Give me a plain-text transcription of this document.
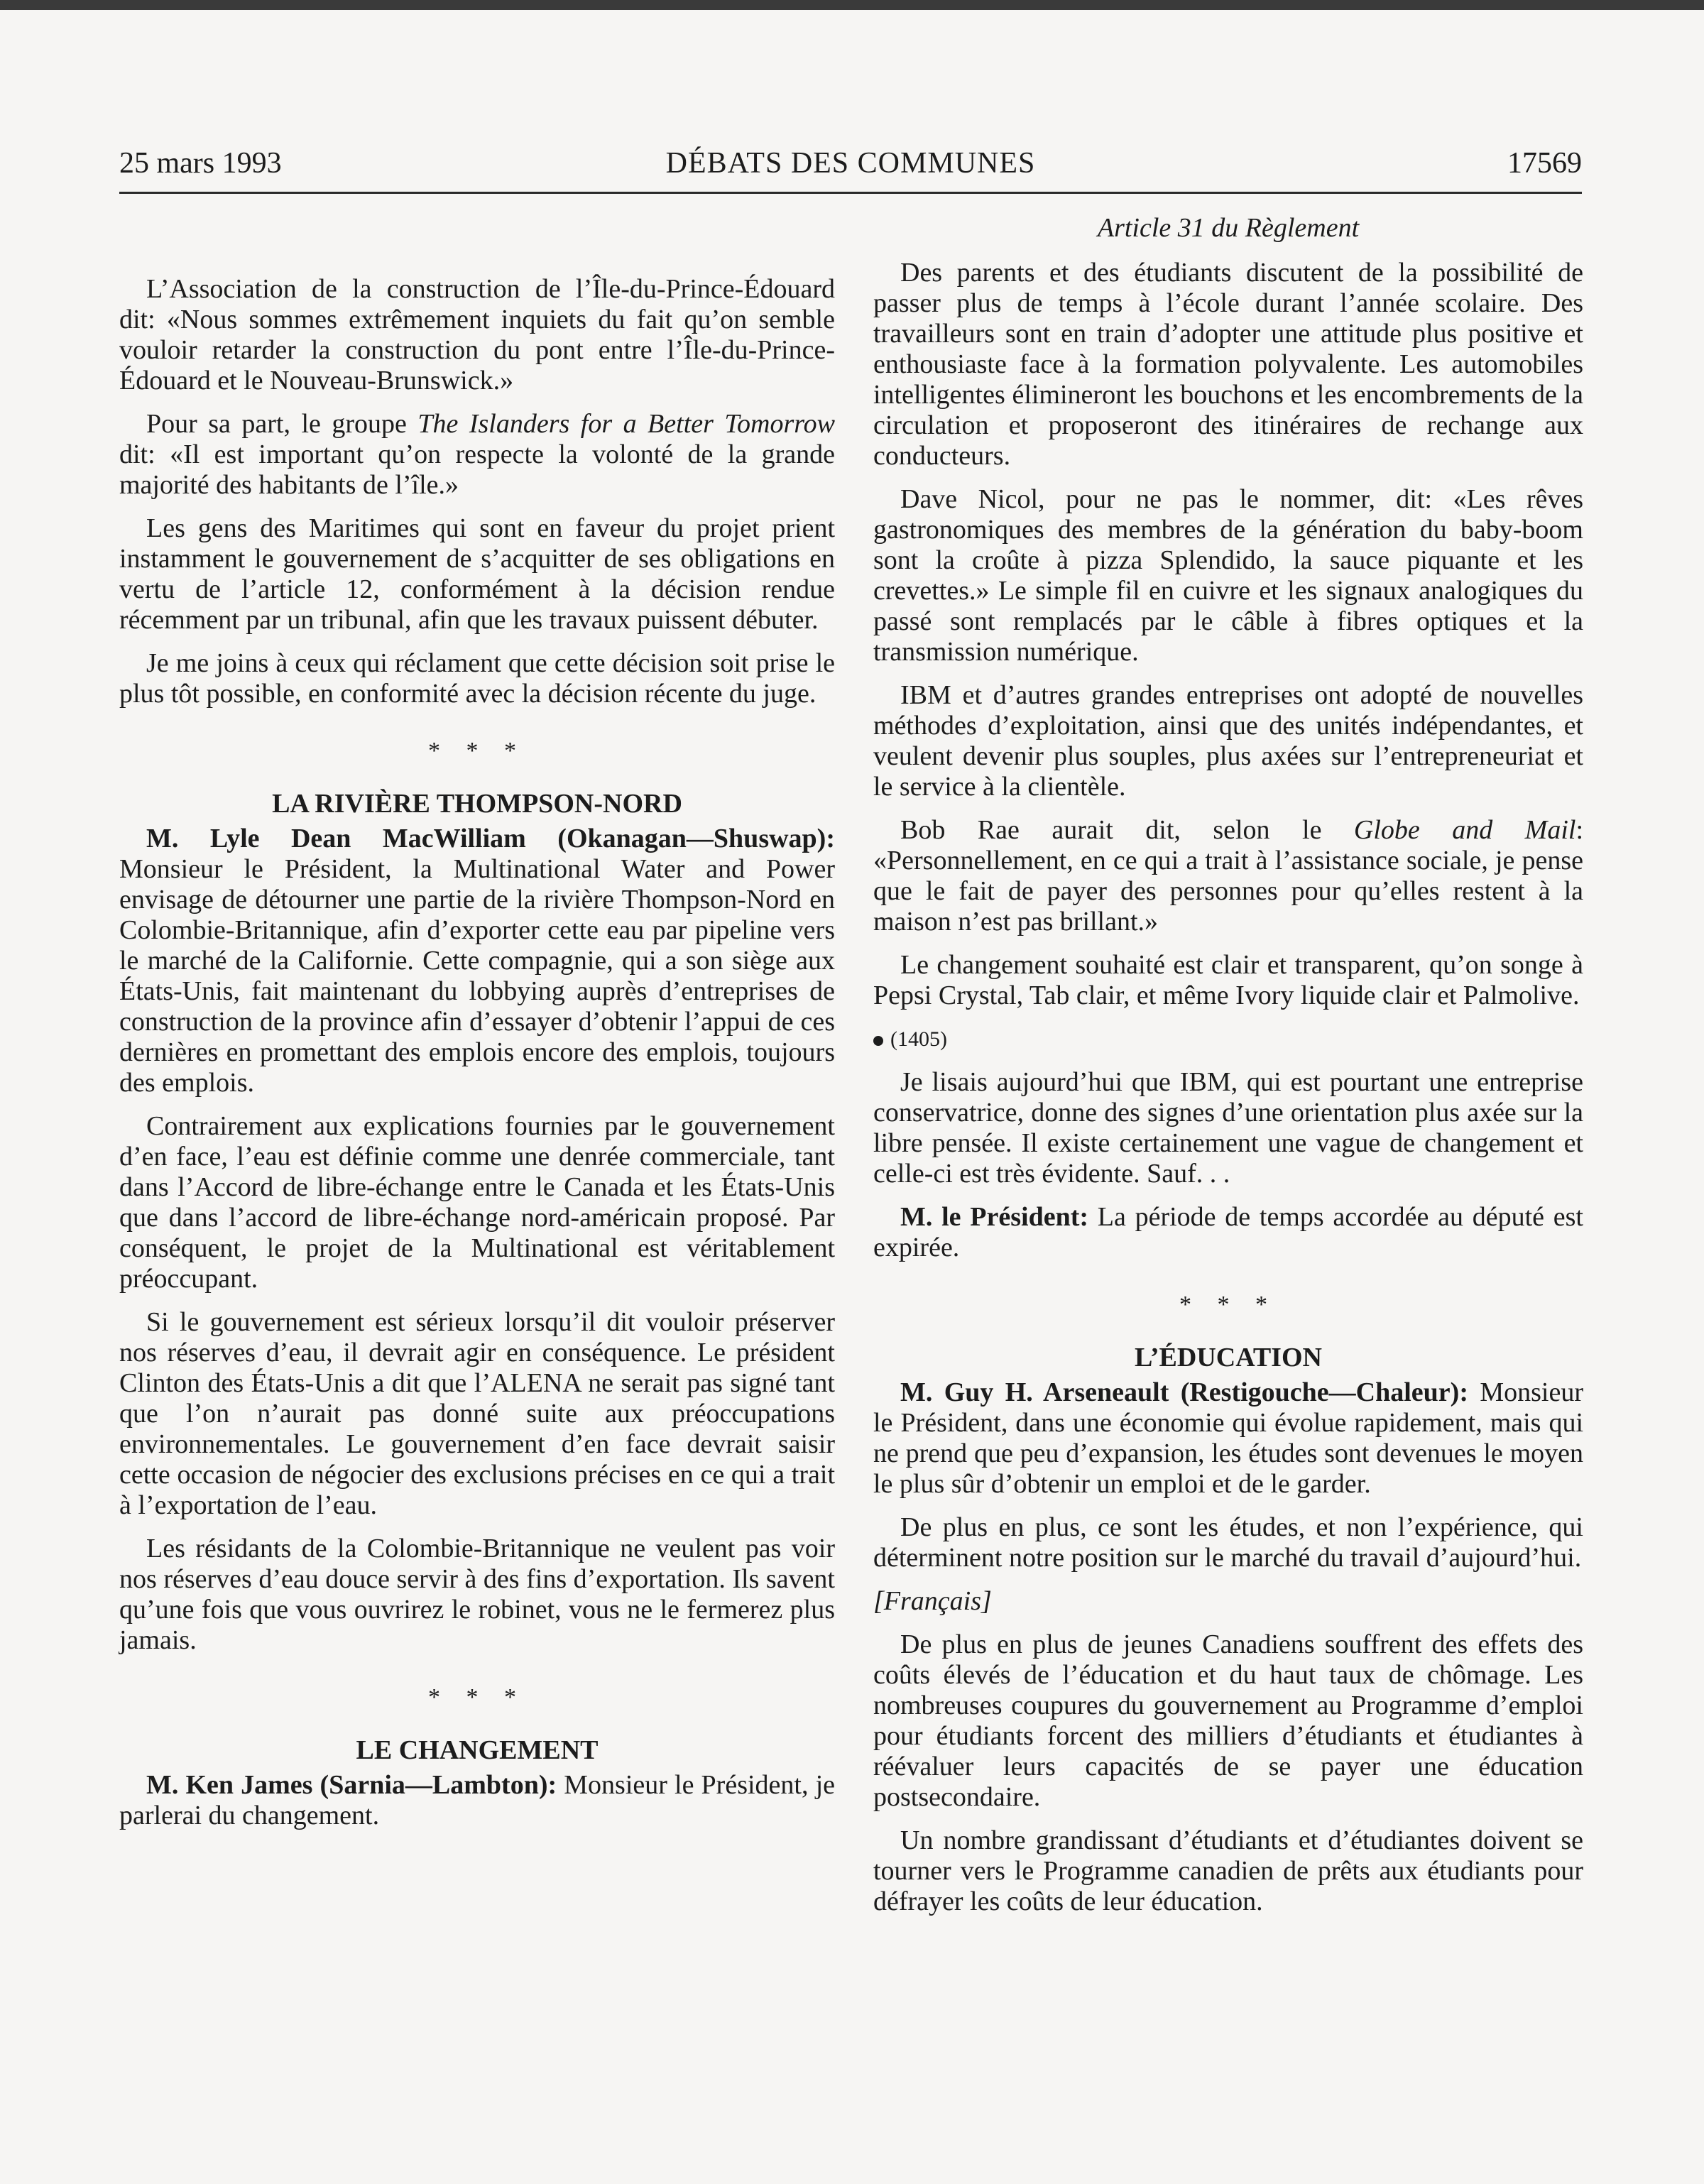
25 mars 1993	DÉBATS DES COMMUNES	17569

L’Association de la construction de l’Île-du-Prince-Édouard dit: «Nous sommes extrêmement inquiets du fait qu’on semble vouloir retarder la construction du pont entre l’Île-du-Prince-Édouard et le Nouveau-Brunswick.»

Pour sa part, le groupe The Islanders for a Better Tomorrow dit: «Il est important qu’on respecte la volonté de la grande majorité des habitants de l’île.»

Les gens des Maritimes qui sont en faveur du projet prient instamment le gouvernement de s’acquitter de ses obligations en vertu de l’article 12, conformément à la décision rendue récemment par un tribunal, afin que les travaux puissent débuter.

Je me joins à ceux qui réclament que cette décision soit prise le plus tôt possible, en conformité avec la décision récente du juge.

* * *
LA RIVIÈRE THOMPSON-NORD

M. Lyle Dean MacWilliam (Okanagan—Shuswap): Monsieur le Président, la Multinational Water and Power envisage de détourner une partie de la rivière Thompson-Nord en Colombie-Britannique, afin d’exporter cette eau par pipeline vers le marché de la Californie. Cette compagnie, qui a son siège aux États-Unis, fait maintenant du lobbying auprès d’entreprises de construction de la province afin d’essayer d’obtenir l’appui de ces dernières en promettant des emplois encore des emplois, toujours des emplois.

Contrairement aux explications fournies par le gouvernement d’en face, l’eau est définie comme une denrée commerciale, tant dans l’Accord de libre-échange entre le Canada et les États-Unis que dans l’accord de libre-échange nord-américain proposé. Par conséquent, le projet de la Multinational est véritablement préoccupant.

Si le gouvernement est sérieux lorsqu’il dit vouloir préserver nos réserves d’eau, il devrait agir en conséquence. Le président Clinton des États-Unis a dit que l’ALENA ne serait pas signé tant que l’on n’aurait pas donné suite aux préoccupations environnementales. Le gouvernement d’en face devrait saisir cette occasion de négocier des exclusions précises en ce qui a trait à l’exportation de l’eau.

Les résidants de la Colombie-Britannique ne veulent pas voir nos réserves d’eau douce servir à des fins d’exportation. Ils savent qu’une fois que vous ouvrirez le robinet, vous ne le fermerez plus jamais.

* * *
LE CHANGEMENT

M. Ken James (Sarnia—Lambton): Monsieur le Président, je parlerai du changement.

Article 31 du Règlement

Des parents et des étudiants discutent de la possibilité de passer plus de temps à l’école durant l’année scolaire. Des travailleurs sont en train d’adopter une attitude plus positive et enthousiaste face à la formation polyvalente. Les automobiles intelligentes élimineront les bouchons et les encombrements de la circulation et proposeront des itinéraires de rechange aux conducteurs.

Dave Nicol, pour ne pas le nommer, dit: «Les rêves gastronomiques des membres de la génération du baby-boom sont la croûte à pizza Splendido, la sauce piquante et les crevettes.» Le simple fil en cuivre et les signaux analogiques du passé sont remplacés par le câble à fibres optiques et la transmission numérique.

IBM et d’autres grandes entreprises ont adopté de nouvelles méthodes d’exploitation, ainsi que des unités indépendantes, et veulent devenir plus souples, plus axées sur l’entrepreneuriat et le service à la clientèle.

Bob Rae aurait dit, selon le Globe and Mail: «Personnellement, en ce qui a trait à l’assistance sociale, je pense que le fait de payer des personnes pour qu’elles restent à la maison n’est pas brillant.»

Le changement souhaité est clair et transparent, qu’on songe à Pepsi Crystal, Tab clair, et même Ivory liquide clair et Palmolive.

(1405)

Je lisais aujourd’hui que IBM, qui est pourtant une entreprise conservatrice, donne des signes d’une orientation plus axée sur la libre pensée. Il existe certainement une vague de changement et celle-ci est très évidente. Sauf. . .

M. le Président: La période de temps accordée au député est expirée.

* * *
L’ÉDUCATION

M. Guy H. Arseneault (Restigouche—Chaleur): Monsieur le Président, dans une économie qui évolue rapidement, mais qui ne prend que peu d’expansion, les études sont devenues le moyen le plus sûr d’obtenir un emploi et de le garder.

De plus en plus, ce sont les études, et non l’expérience, qui déterminent notre position sur le marché du travail d’aujourd’hui.

[Français]

De plus en plus de jeunes Canadiens souffrent des effets des coûts élevés de l’éducation et du haut taux de chômage. Les nombreuses coupures du gouvernement au Programme d’emploi pour étudiants forcent des milliers d’étudiants et étudiantes à réévaluer leurs capacités de se payer une éducation postsecondaire.

Un nombre grandissant d’étudiants et d’étudiantes doivent se tourner vers le Programme canadien de prêts aux étudiants pour défrayer les coûts de leur éducation.
